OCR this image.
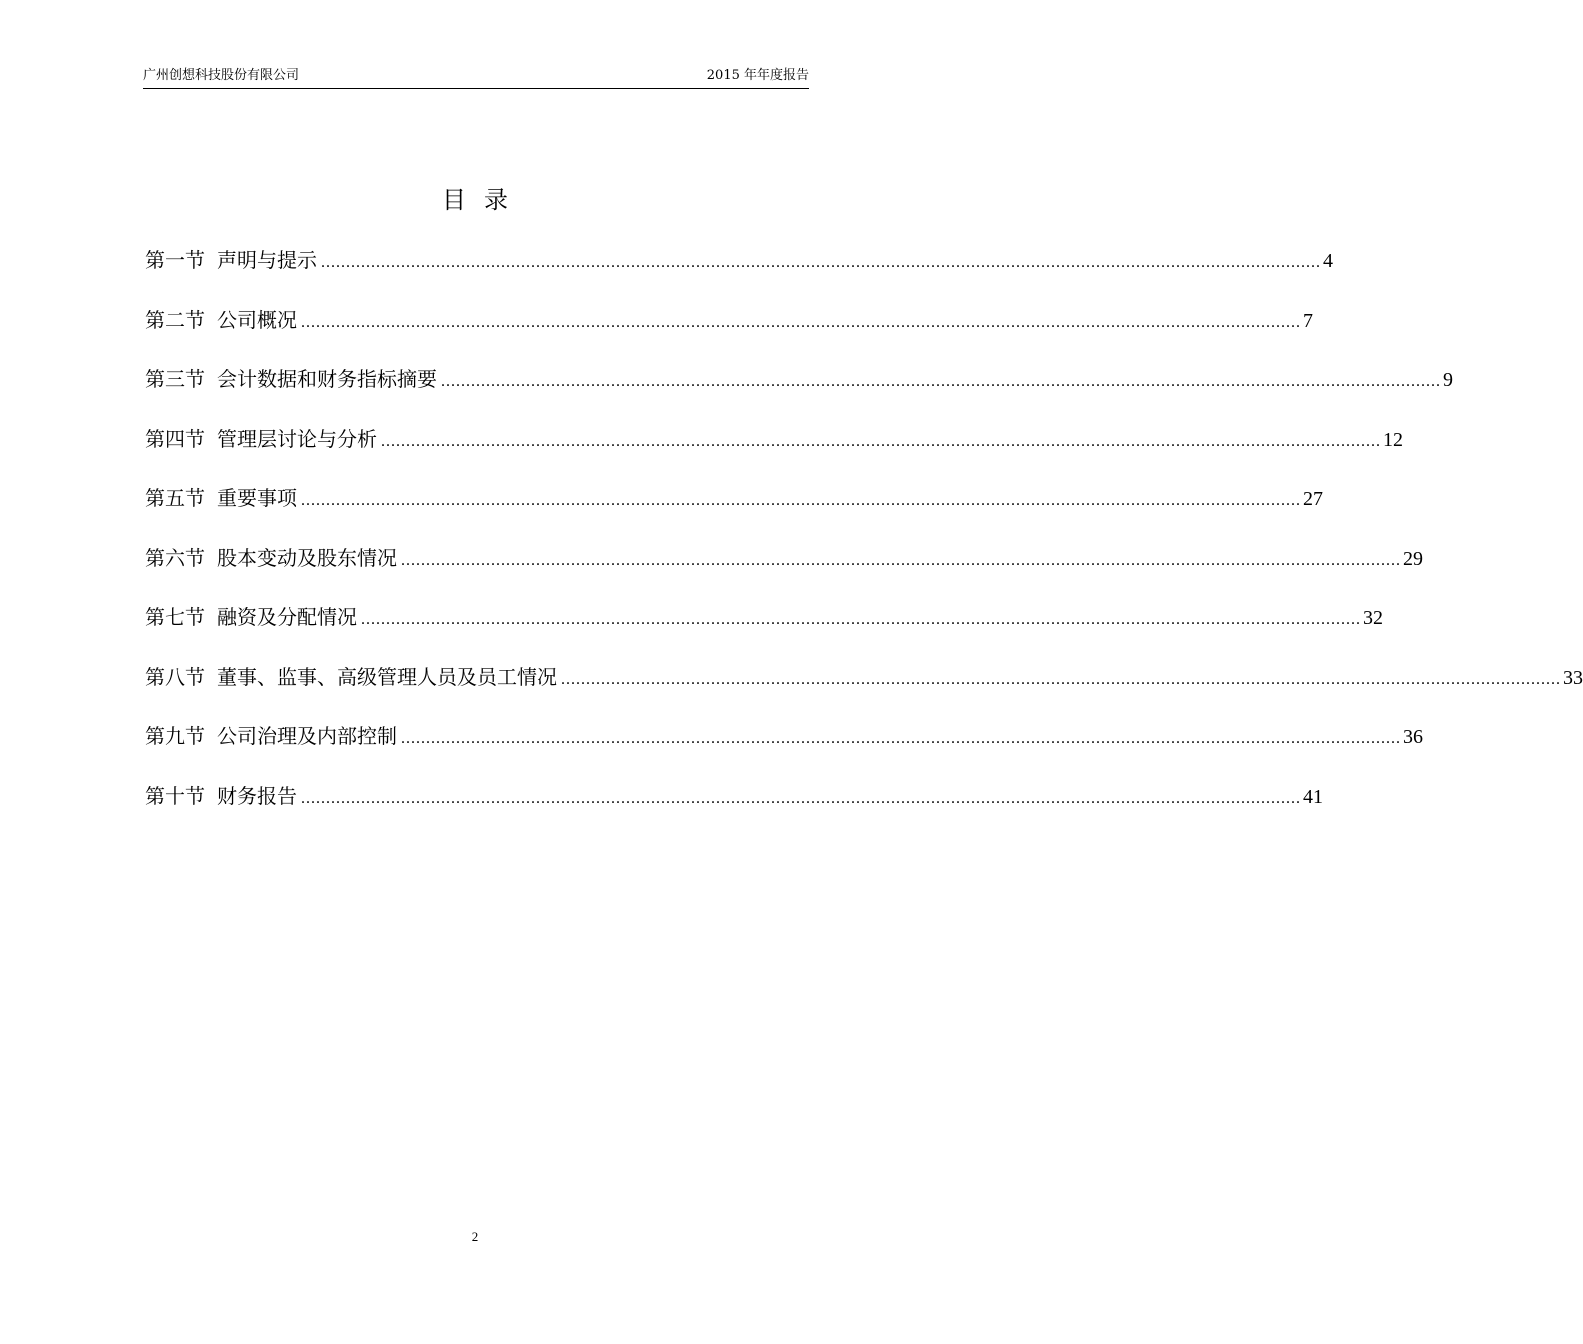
广州创想科技股份有限公司	2015 年年度报告
目录
第一节 声明与提示 ........................................................................................................................................................................................................ 4
第二节 公司概况 ........................................................................................................................................................................................................ 7
第三节 会计数据和财务指标摘要 ........................................................................................................................................................................................................ 9
第四节 管理层讨论与分析 ........................................................................................................................................................................................................ 12
第五节 重要事项 ........................................................................................................................................................................................................ 27
第六节 股本变动及股东情况 ........................................................................................................................................................................................................ 29
第七节 融资及分配情况 ........................................................................................................................................................................................................ 32
第八节 董事、监事、高级管理人员及员工情况 ........................................................................................................................................................................................................ 33
第九节 公司治理及内部控制 ........................................................................................................................................................................................................ 36
第十节 财务报告 ........................................................................................................................................................................................................ 41
2
